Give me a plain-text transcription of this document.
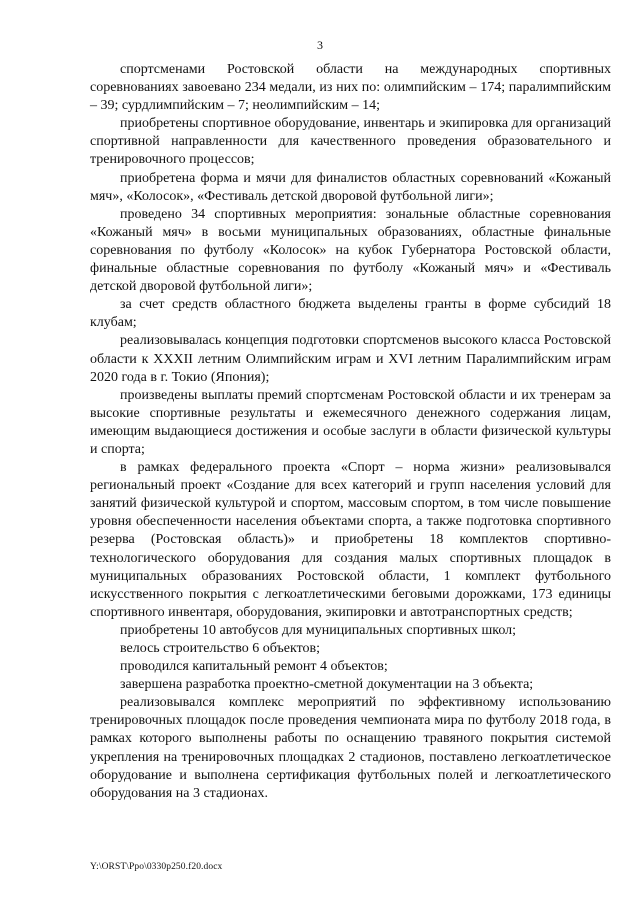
3

спортсменами Ростовской области на международных спортивных соревнованиях завоевано 234 медали, из них по: олимпийским – 174; паралимпийским – 39; сурдлимпийским – 7; неолимпийским – 14;

приобретены спортивное оборудование, инвентарь и экипировка для организаций спортивной направленности для качественного проведения образовательного и тренировочного процессов;

приобретена форма и мячи для финалистов областных соревнований «Кожаный мяч», «Колосок», «Фестиваль детской дворовой футбольной лиги»;

проведено 34 спортивных мероприятия: зональные областные соревнования «Кожаный мяч» в восьми муниципальных образованиях, областные финальные соревнования по футболу «Колосок» на кубок Губернатора Ростовской области, финальные областные соревнования по футболу «Кожаный мяч» и «Фестиваль детской дворовой футбольной лиги»;

за счет средств областного бюджета выделены гранты в форме субсидий 18 клубам;

реализовывалась концепция подготовки спортсменов высокого класса Ростовской области к XXXII летним Олимпийским играм и XVI летним Паралимпийским играм 2020 года в г. Токио (Япония);

произведены выплаты премий спортсменам Ростовской области и их тренерам за высокие спортивные результаты и ежемесячного денежного содержания лицам, имеющим выдающиеся достижения и особые заслуги в области физической культуры и спорта;

в рамках федерального проекта «Спорт – норма жизни» реализовывался региональный проект «Создание для всех категорий и групп населения условий для занятий физической культурой и спортом, массовым спортом, в том числе повышение уровня обеспеченности населения объектами спорта, а также подготовка спортивного резерва (Ростовская область)» и приобретены 18 комплектов спортивно-технологического оборудования для создания малых спортивных площадок в муниципальных образованиях Ростовской области, 1 комплект футбольного искусственного покрытия с легкоатлетическими беговыми дорожками, 173 единицы спортивного инвентаря, оборудования, экипировки и автотранспортных средств;

приобретены 10 автобусов для муниципальных спортивных школ;

велось строительство 6 объектов;

проводился капитальный ремонт 4 объектов;

завершена разработка проектно-сметной документации на 3 объекта;

реализовывался комплекс мероприятий по эффективному использованию тренировочных площадок после проведения чемпионата мира по футболу 2018 года, в рамках которого выполнены работы по оснащению травяного покрытия системой укрепления на тренировочных площадках 2 стадионов, поставлено легкоатлетическое оборудование и выполнена сертификация футбольных полей и легкоатлетического оборудования на 3 стадионах.

Y:\ORST\Ppo\0330p250.f20.docx
